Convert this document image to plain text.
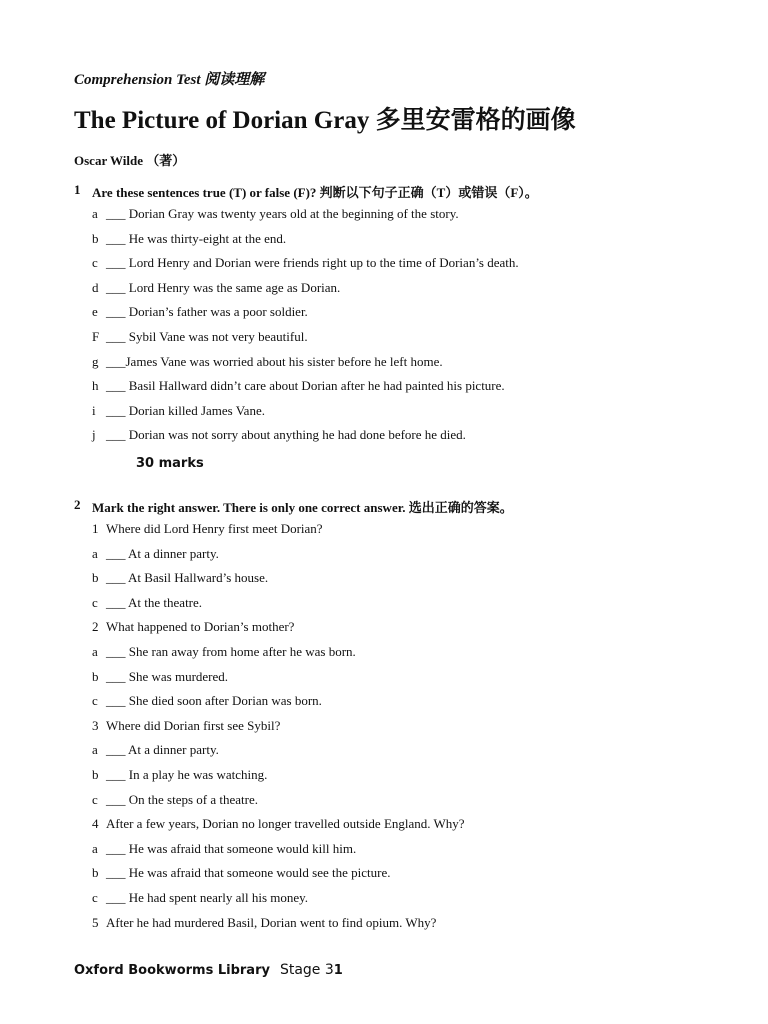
Comprehension Test 阅读理解
The Picture of Dorian Gray 多里安雷格的画像
Oscar Wilde （著）
1 Are these sentences true (T) or false (F)? 判断以下句子正确（T）或错误（F）。
a ___ Dorian Gray was twenty years old at the beginning of the story.
b ___ He was thirty-eight at the end.
c ___ Lord Henry and Dorian were friends right up to the time of Dorian’s death.
d ___ Lord Henry was the same age as Dorian.
e ___ Dorian’s father was a poor soldier.
F ___ Sybil Vane was not very beautiful.
g ___James Vane was worried about his sister before he left home.
h ___ Basil Hallward didn’t care about Dorian after he had painted his picture.
i ___ Dorian killed James Vane.
j ___ Dorian was not sorry about anything he had done before he died.
30 marks
2 Mark the right answer. There is only one correct answer. 选出正确的答案。
1 Where did Lord Henry first meet Dorian?
a ___ At a dinner party.
b ___ At Basil Hallward’s house.
c ___ At the theatre.
2 What happened to Dorian’s mother?
a ___ She ran away from home after he was born.
b ___ She was murdered.
c ___ She died soon after Dorian was born.
3 Where did Dorian first see Sybil?
a ___ At a dinner party.
b ___ In a play he was watching.
c ___ On the steps of a theatre.
4 After a few years, Dorian no longer travelled outside England. Why?
a ___ He was afraid that someone would kill him.
b ___ He was afraid that someone would see the picture.
c ___ He had spent nearly all his money.
5 After he had murdered Basil, Dorian went to find opium. Why?
Oxford Bookworms Library Stage 31
